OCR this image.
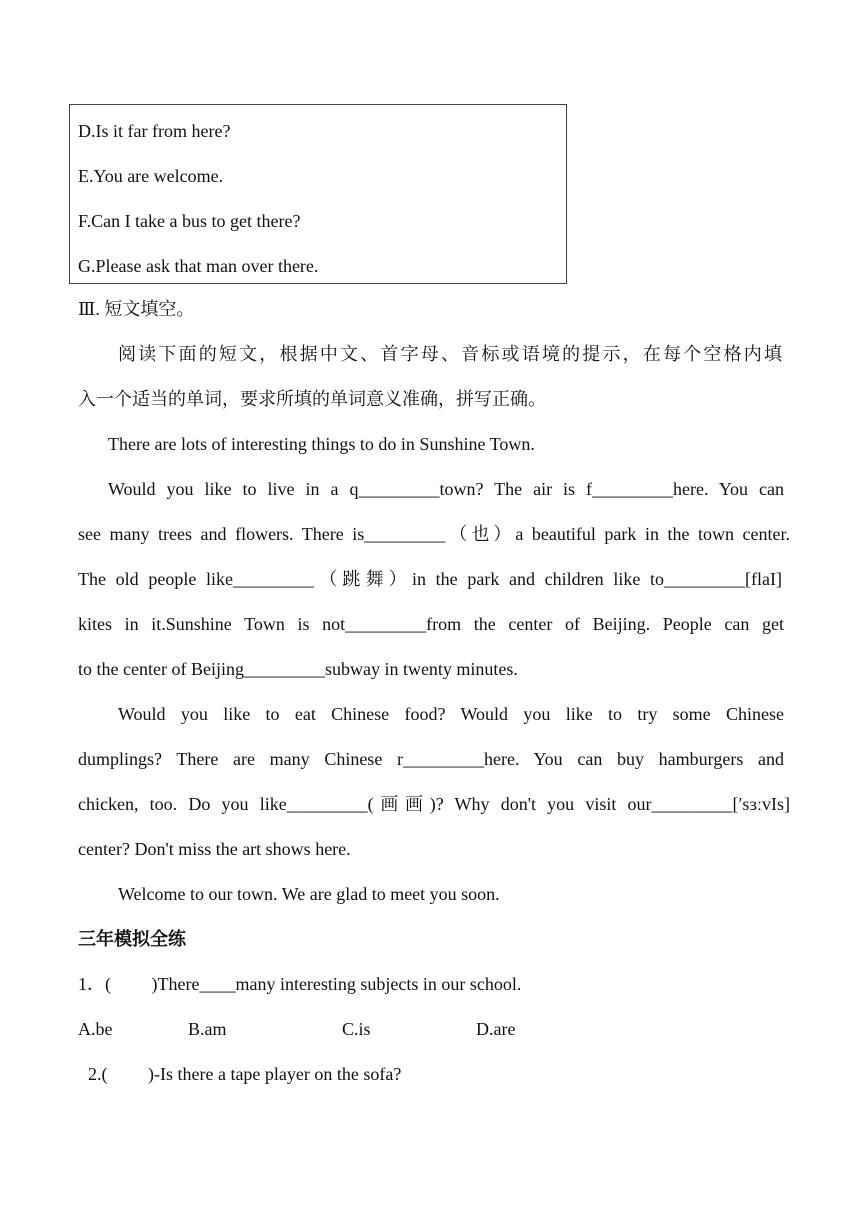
D.Is it far from here?
E.You are welcome.
F.Can I take a bus to get there?
G.Please ask that man over there.
Ⅲ. 短文填空。
阅读下面的短文，根据中文、首字母、音标或语境的提示，在每个空格内填
入一个适当的单词，要求所填的单词意义准确，拼写正确。
There are lots of interesting things to do in Sunshine Town.
Would you like to live in a q_________town? The air is f_________here. You can
see many trees and flowers. There is_________（也）a beautiful park in the town center.
The old people like_________（跳舞）in the park and children like to_________[flaI]
kites in it.Sunshine Town is not_________from the center of Beijing. People can get
to the center of Beijing_________subway in twenty minutes.
Would you like to eat Chinese food? Would you like to try some Chinese
dumplings? There are many Chinese r_________here. You can buy hamburgers and
chicken, too. Do you like_________(画画)? Why don't you visit our_________[′sɜːvIs]
center? Don't miss the art shows here.
Welcome to our town. We are glad to meet you soon.
三年模拟全练
1．(　　 )There____many interesting subjects in our school.
A.be	B.am	C.is	D.are
2.(　　 )-Is there a tape player on the sofa?
